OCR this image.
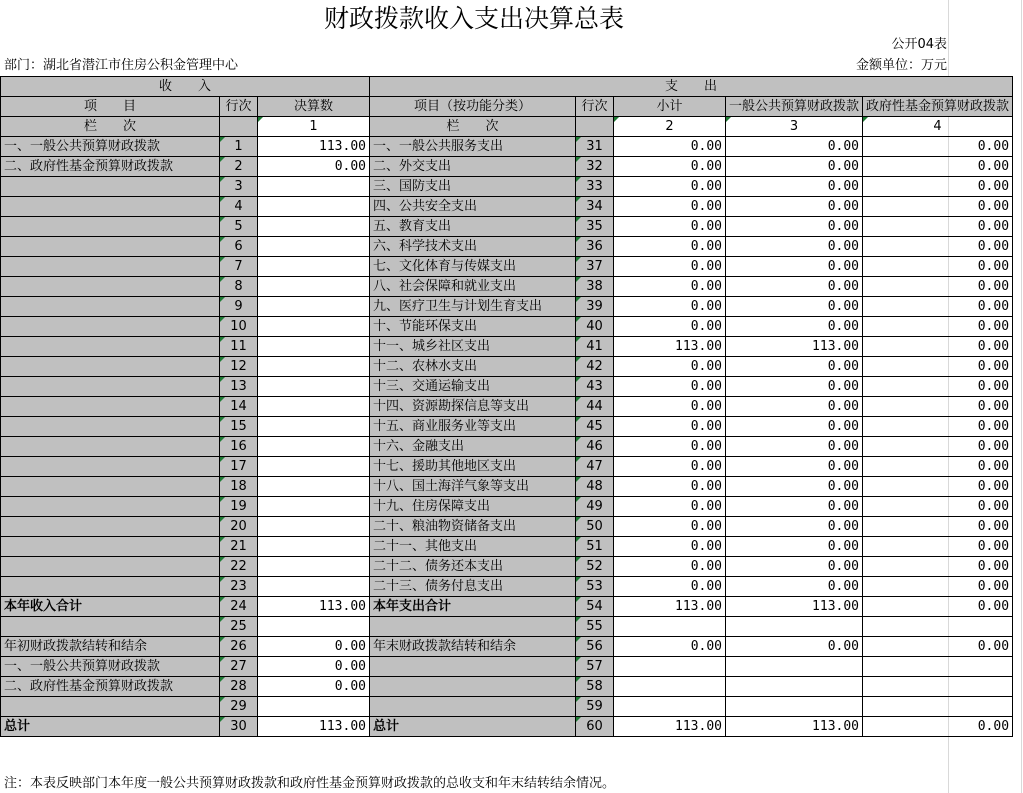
财政拨款收入支出决算总表
公开04表
部门：湖北省潜江市住房公积金管理中心	金额单位：万元
收　　入			支　　出				
项　　目	行次	决算数	项目（按功能分类）	行次	小计	一般公共预算财政拨款	政府性基金预算财政拨款
栏　　次		1	栏　　次		2	3	4
一、一般公共预算财政拨款	1	113.00	一、一般公共服务支出	31	0.00	0.00	0.00
二、政府性基金预算财政拨款	2	0.00	二、外交支出	32	0.00	0.00	0.00
	3		三、国防支出	33	0.00	0.00	0.00
	4		四、公共安全支出	34	0.00	0.00	0.00
	5		五、教育支出	35	0.00	0.00	0.00
	6		六、科学技术支出	36	0.00	0.00	0.00
	7		七、文化体育与传媒支出	37	0.00	0.00	0.00
	8		八、社会保障和就业支出	38	0.00	0.00	0.00
	9		九、医疗卫生与计划生育支出	39	0.00	0.00	0.00
	10		十、节能环保支出	40	0.00	0.00	0.00
	11		十一、城乡社区支出	41	113.00	113.00	0.00
	12		十二、农林水支出	42	0.00	0.00	0.00
	13		十三、交通运输支出	43	0.00	0.00	0.00
	14		十四、资源勘探信息等支出	44	0.00	0.00	0.00
	15		十五、商业服务业等支出	45	0.00	0.00	0.00
	16		十六、金融支出	46	0.00	0.00	0.00
	17		十七、援助其他地区支出	47	0.00	0.00	0.00
	18		十八、国土海洋气象等支出	48	0.00	0.00	0.00
	19		十九、住房保障支出	49	0.00	0.00	0.00
	20		二十、粮油物资储备支出	50	0.00	0.00	0.00
	21		二十一、其他支出	51	0.00	0.00	0.00
	22		二十二、债务还本支出	52	0.00	0.00	0.00
	23		二十三、债务付息支出	53	0.00	0.00	0.00
本年收入合计	24	113.00	本年支出合计	54	113.00	113.00	0.00
	25			55			
年初财政拨款结转和结余	26	0.00	年末财政拨款结转和结余	56	0.00	0.00	0.00
一、一般公共预算财政拨款	27	0.00		57			
二、政府性基金预算财政拨款	28	0.00		58			
	29			59			
总计	30	113.00	总计	60	113.00	113.00	0.00
注：本表反映部门本年度一般公共预算财政拨款和政府性基金预算财政拨款的总收支和年末结转结余情况。
